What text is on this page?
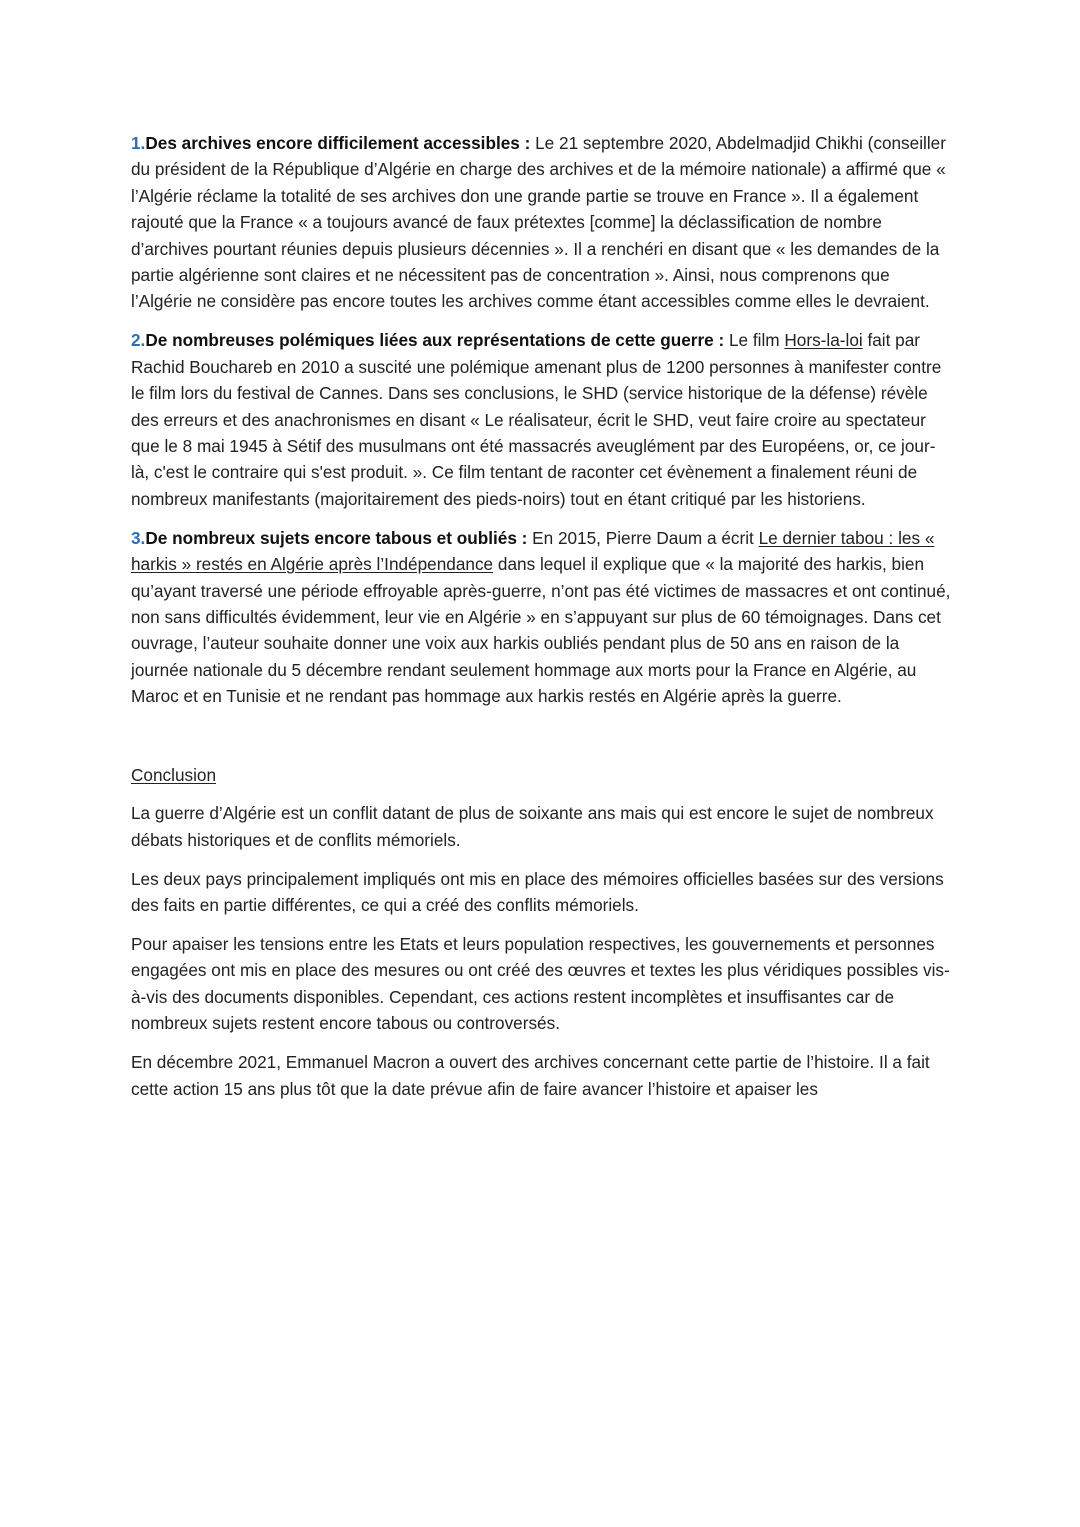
1.Des archives encore difficilement accessibles : Le 21 septembre 2020, Abdelmadjid Chikhi (conseiller du président de la République d’Algérie en charge des archives et de la mémoire nationale) a affirmé que « l’Algérie réclame la totalité de ses archives don une grande partie se trouve en France ». Il a également rajouté que la France « a toujours avancé de faux prétextes [comme] la déclassification de nombre d’archives pourtant réunies depuis plusieurs décennies ». Il a renchéri en disant que « les demandes de la partie algérienne sont claires et ne nécessitent pas de concentration ». Ainsi, nous comprenons que l’Algérie ne considère pas encore toutes les archives comme étant accessibles comme elles le devraient.

2.De nombreuses polémiques liées aux représentations de cette guerre : Le film Hors-la-loi fait par Rachid Bouchareb en 2010 a suscité une polémique amenant plus de 1200 personnes à manifester contre le film lors du festival de Cannes. Dans ses conclusions, le SHD (service historique de la défense) révèle des erreurs et des anachronismes en disant « Le réalisateur, écrit le SHD, veut faire croire au spectateur que le 8 mai 1945 à Sétif des musulmans ont été massacrés aveuglément par des Européens, or, ce jour-là, c'est le contraire qui s'est produit. ». Ce film tentant de raconter cet évènement a finalement réuni de nombreux manifestants (majoritairement des pieds-noirs) tout en étant critiqué par les historiens.

3.De nombreux sujets encore tabous et oubliés : En 2015, Pierre Daum a écrit Le dernier tabou : les « harkis » restés en Algérie après l’Indépendance dans lequel il explique que « la majorité des harkis, bien qu’ayant traversé une période effroyable après-guerre, n’ont pas été victimes de massacres et ont continué, non sans difficultés évidemment, leur vie en Algérie » en s’appuyant sur plus de 60 témoignages. Dans cet ouvrage, l’auteur souhaite donner une voix aux harkis oubliés pendant plus de 50 ans en raison de la journée nationale du 5 décembre rendant seulement hommage aux morts pour la France en Algérie, au Maroc et en Tunisie et ne rendant pas hommage aux harkis restés en Algérie après la guerre.

Conclusion

La guerre d’Algérie est un conflit datant de plus de soixante ans mais qui est encore le sujet de nombreux débats historiques et de conflits mémoriels.

Les deux pays principalement impliqués ont mis en place des mémoires officielles basées sur des versions des faits en partie différentes, ce qui a créé des conflits mémoriels.

Pour apaiser les tensions entre les Etats et leurs population respectives, les gouvernements et personnes engagées ont mis en place des mesures ou ont créé des œuvres et textes les plus véridiques possibles vis-à-vis des documents disponibles. Cependant, ces actions restent incomplètes et insuffisantes car de nombreux sujets restent encore tabous ou controversés.

En décembre 2021, Emmanuel Macron a ouvert des archives concernant cette partie de l’histoire. Il a fait cette action 15 ans plus tôt que la date prévue afin de faire avancer l’histoire et apaiser les
